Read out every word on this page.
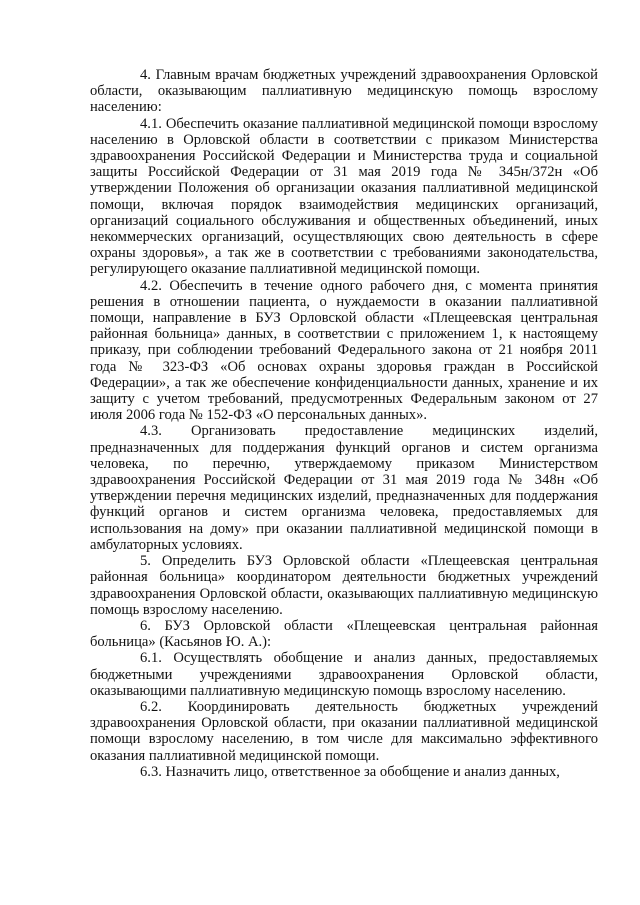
4. Главным врачам бюджетных учреждений здравоохранения Орловской области, оказывающим паллиативную медицинскую помощь взрослому населению:

4.1. Обеспечить оказание паллиативной медицинской помощи взрослому населению в Орловской области в соответствии с приказом Министерства здравоохранения Российской Федерации и Министерства труда и социальной защиты Российской Федерации от 31 мая 2019 года № 345н/372н «Об утверждении Положения об организации оказания паллиативной медицинской помощи, включая порядок взаимодействия медицинских организаций, организаций социального обслуживания и общественных объединений, иных некоммерческих организаций, осуществляющих свою деятельность в сфере охраны здоровья», а так же в соответствии с требованиями законодательства, регулирующего оказание паллиативной медицинской помощи.

4.2. Обеспечить в течение одного рабочего дня, с момента принятия решения в отношении пациента, о нуждаемости в оказании паллиативной помощи, направление в БУЗ Орловской области «Плещеевская центральная районная больница» данных, в соответствии с приложением 1, к настоящему приказу, при соблюдении требований Федерального закона от 21 ноября 2011 года № 323-ФЗ «Об основах охраны здоровья граждан в Российской Федерации», а так же обеспечение конфиденциальности данных, хранение и их защиту с учетом требований, предусмотренных Федеральным законом от 27 июля 2006 года № 152-ФЗ «О персональных данных».

4.3. Организовать предоставление медицинских изделий, предназначенных для поддержания функций органов и систем организма человека, по перечню, утверждаемому приказом Министерством здравоохранения Российской Федерации от 31 мая 2019 года № 348н «Об утверждении перечня медицинских изделий, предназначенных для поддержания функций органов и систем организма человека, предоставляемых для использования на дому» при оказании паллиативной медицинской помощи в амбулаторных условиях.

5. Определить БУЗ Орловской области «Плещеевская центральная районная больница» координатором деятельности бюджетных учреждений здравоохранения Орловской области, оказывающих паллиативную медицинскую помощь взрослому населению.

6. БУЗ Орловской области «Плещеевская центральная районная больница» (Касьянов Ю. А.):

6.1. Осуществлять обобщение и анализ данных, предоставляемых бюджетными учреждениями здравоохранения Орловской области, оказывающими паллиативную медицинскую помощь взрослому населению.

6.2. Координировать деятельность бюджетных учреждений здравоохранения Орловской области, при оказании паллиативной медицинской помощи взрослому населению, в том числе для максимально эффективного оказания паллиативной медицинской помощи.

6.3. Назначить лицо, ответственное за обобщение и анализ данных,
